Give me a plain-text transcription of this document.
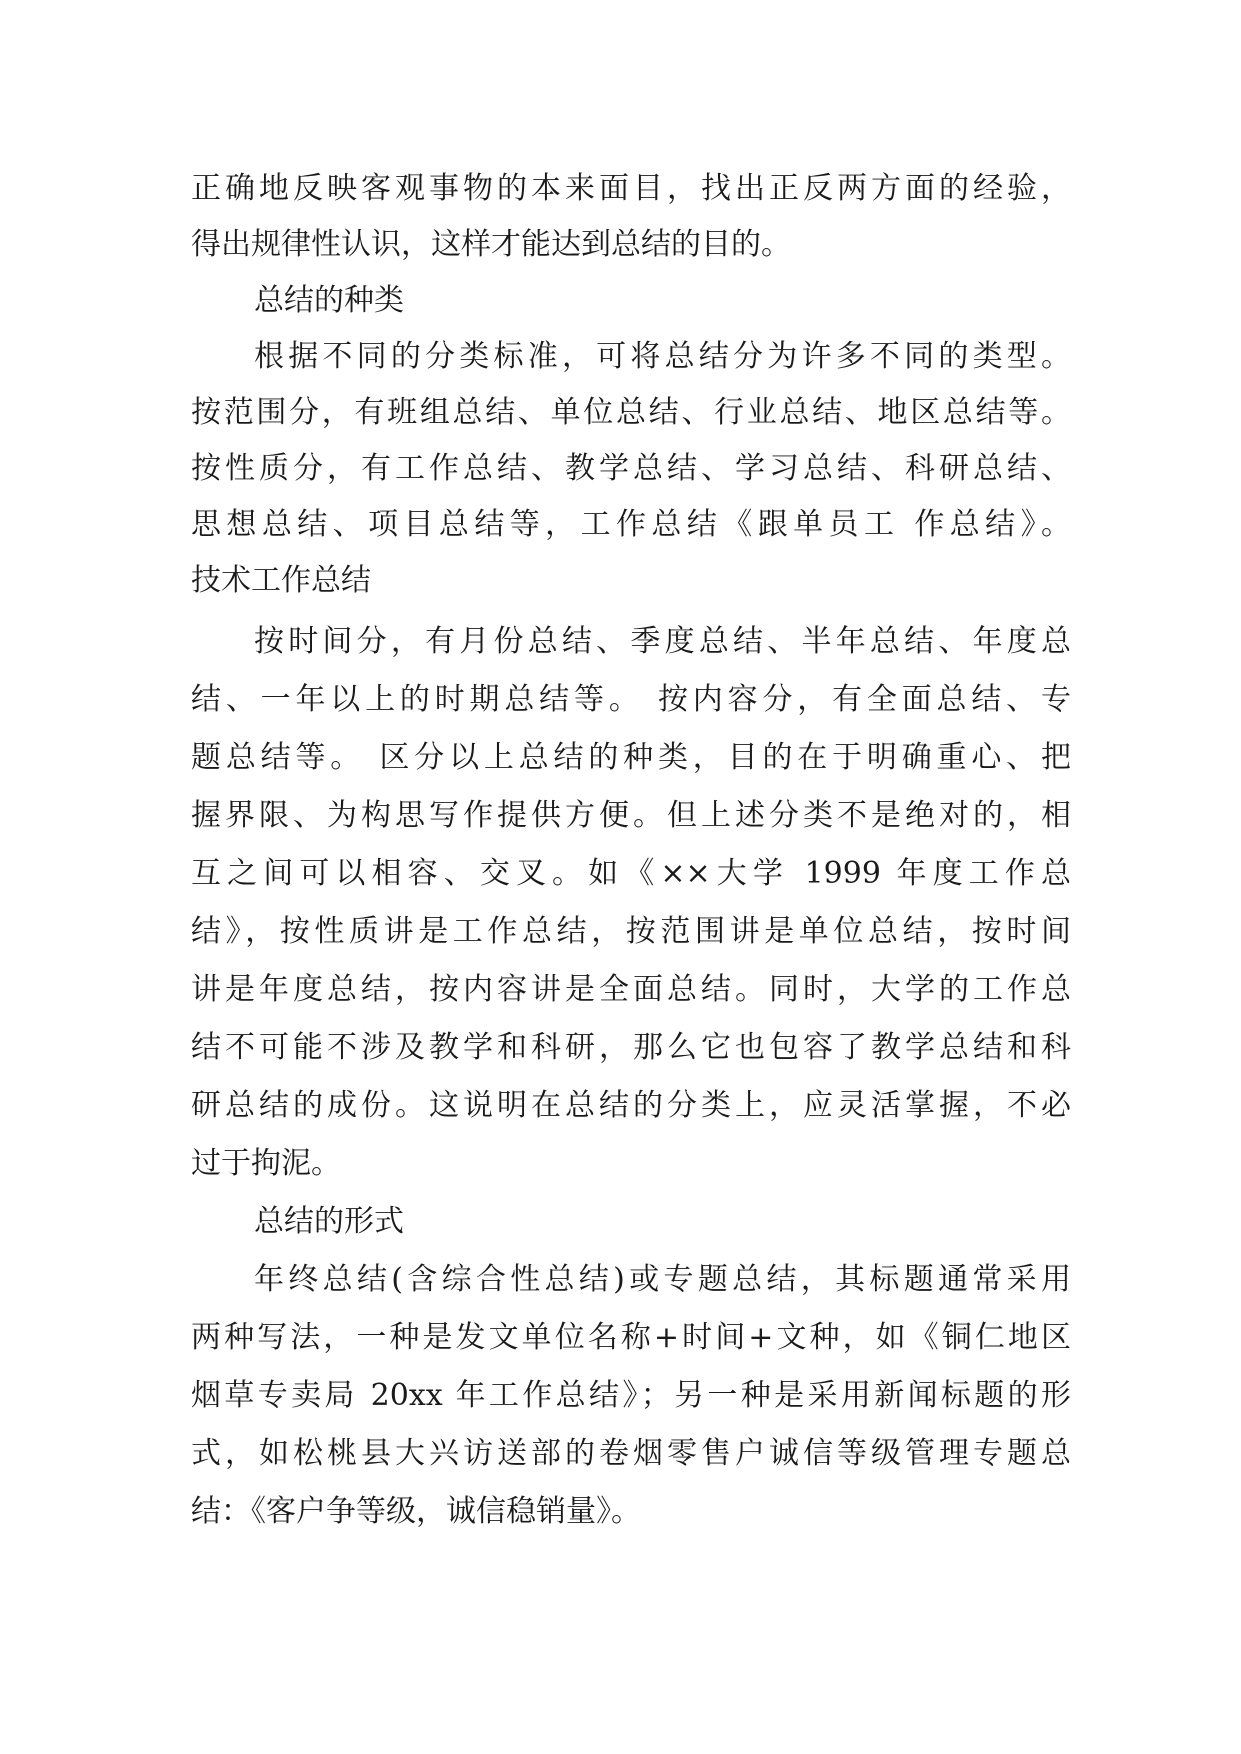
正确地反映客观事物的本来面目，找出正反两方面的经验，
得出规律性认识，这样才能达到总结的目的。
总结的种类
根据不同的分类标准，可将总结分为许多不同的类型。
按范围分，有班组总结、单位总结、行业总结、地区总结等。
按性质分，有工作总结、教学总结、学习总结、科研总结、
思想总结、项目总结等，工作总结《跟单员工 作总结》。
技术工作总结
按时间分，有月份总结、季度总结、半年总结、年度总
结、一年以上的时期总结等。 按内容分，有全面总结、专
题总结等。 区分以上总结的种类，目的在于明确重心、把
握界限、为构思写作提供方便。但上述分类不是绝对的，相
互之间可以相容、交叉。如《××大学 1999 年度工作总
结》，按性质讲是工作总结，按范围讲是单位总结，按时间
讲是年度总结，按内容讲是全面总结。同时，大学的工作总
结不可能不涉及教学和科研，那么它也包容了教学总结和科
研总结的成份。这说明在总结的分类上，应灵活掌握，不必
过于拘泥。
总结的形式
年终总结(含综合性总结)或专题总结，其标题通常采用
两种写法，一种是发文单位名称+时间+文种，如《铜仁地区
烟草专卖局 20xx 年工作总结》；另一种是采用新闻标题的形
式，如松桃县大兴访送部的卷烟零售户诚信等级管理专题总
结：《客户争等级，诚信稳销量》。
